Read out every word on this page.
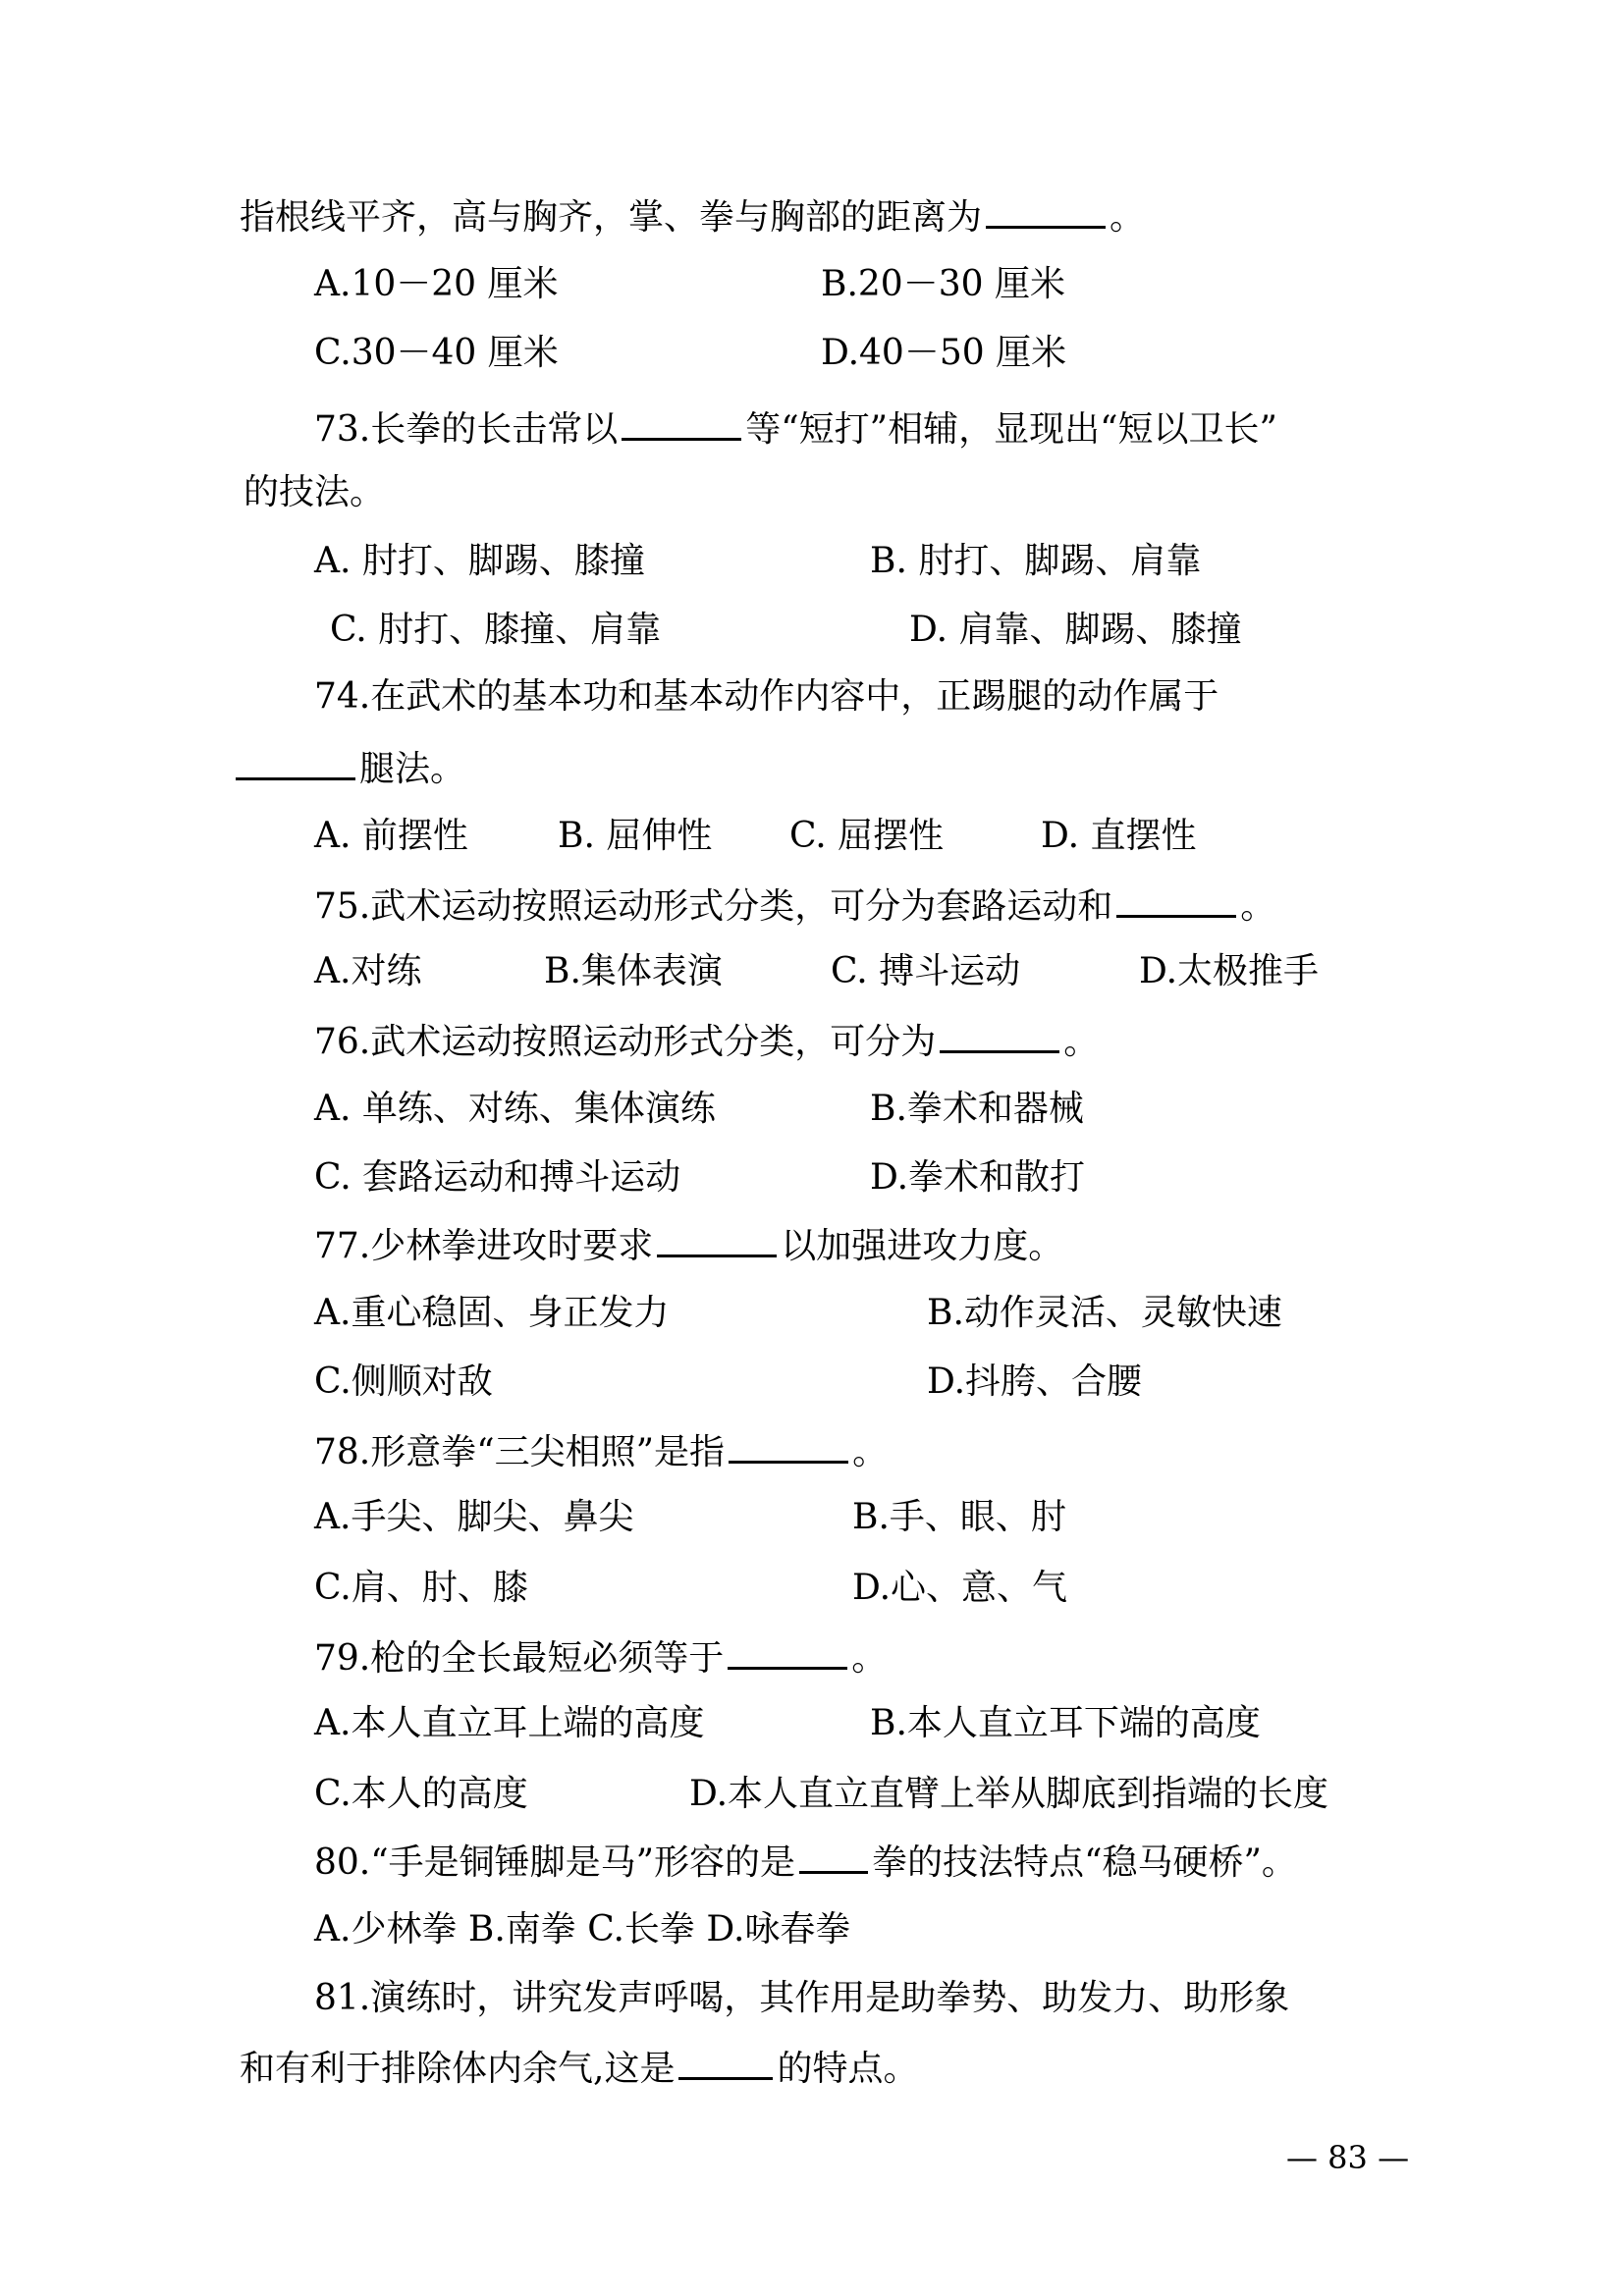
指根线平齐，高与胸齐，掌、拳与胸部的距离为	。

A.10－20 厘米	B.20－30 厘米
C.30－40 厘米	D.40－50 厘米

73.长拳的长击常以	等“短打”相辅，显现出“短以卫长”

的技法。

A. 肘打、脚踢、膝撞	B. 肘打、脚踢、肩靠
C. 肘打、膝撞、肩靠	D. 肩靠、脚踢、膝撞

74.在武术的基本功和基本动作内容中，正踢腿的动作属于

腿法。

A. 前摆性	B. 屈伸性 C. 屈摆性	D. 直摆性

75.武术运动按照运动形式分类，可分为套路运动和	。

A.对练	B.集体表演	C. 搏斗运动	D.太极推手

76.武术运动按照运动形式分类，可分为	。

A. 单练、对练、集体演练	B.拳术和器械
C. 套路运动和搏斗运动	D.拳术和散打

77.少林拳进攻时要求	以加强进攻力度。

A.重心稳固、身正发力	B.动作灵活、灵敏快速
C.侧顺对敌	D.抖胯、合腰

78.形意拳“三尖相照”是指	。

A.手尖、脚尖、鼻尖	B.手、眼、肘
C.肩、肘、膝	D.心、意、气

79.枪的全长最短必须等于	。

A.本人直立耳上端的高度	B.本人直立耳下端的高度
C.本人的高度	D.本人直立直臂上举从脚底到指端的长度

80.“手是铜锤脚是马”形容的是 拳的技法特点“稳马硬桥”。

A.少林拳 B.南拳 C.长拳 D.咏春拳

81.演练时，讲究发声呼喝，其作用是助拳势、助发力、助形象

和有利于排除体内余气,这是	的特点。

— 83 —
